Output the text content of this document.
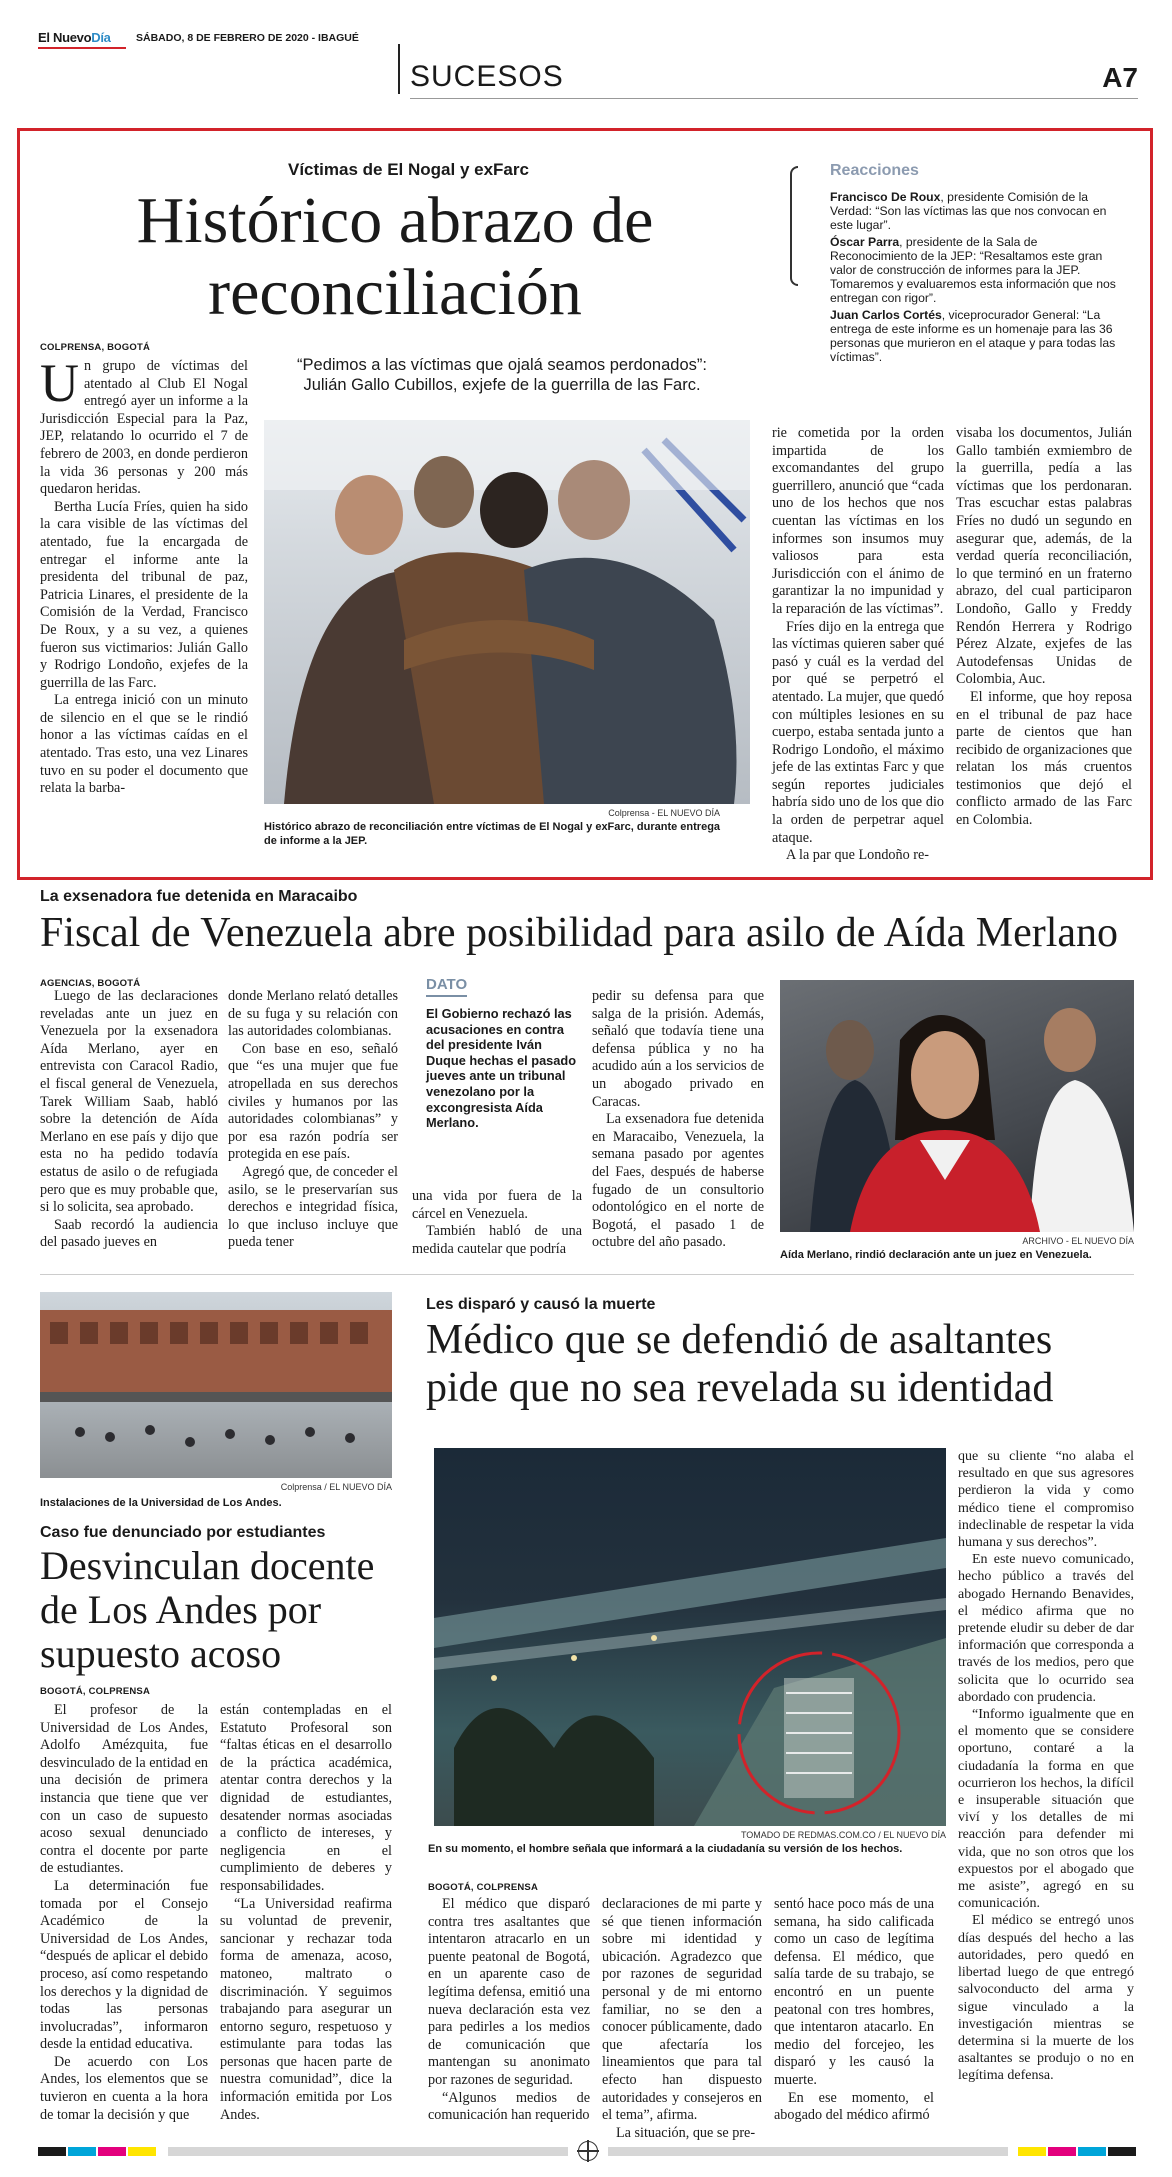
El NuevoDía SÁBADO, 8 DE FEBRERO DE 2020 - IBAGUÉ
SUCESOS	A7
Víctimas de El Nogal y exFarc
Histórico abrazo de
reconciliación
Reacciones

Francisco De Roux, presidente Comisión de la Verdad: “Son las víctimas las que nos convocan en este lugar”.

Óscar Parra, presidente de la Sala de Reconocimiento de la JEP: “Resaltamos este gran valor de construcción de informes para la JEP. Tomaremos y evaluaremos esta información que nos entregan con rigor”.

Juan Carlos Cortés, viceprocurador General: “La entrega de este informe es un homenaje para las 36 personas que murieron en el ataque y para todas las víctimas”.

COLPRENSA, BOGOTÁ

Un grupo de víctimas del atentado al Club El Nogal entregó ayer un informe a la Jurisdicción Especial para la Paz, JEP, relatando lo ocurrido el 7 de febrero de 2003, en donde perdieron la vida 36 personas y 200 más quedaron heridas.

Bertha Lucía Fríes, quien ha sido la cara visible de las víctimas del atentado, fue la encargada de entregar el informe ante la presidenta del tribunal de paz, Patricia Linares, el presidente de la Comisión de la Verdad, Francisco De Roux, y a su vez, a quienes fueron sus victimarios: Julián Gallo y Rodrigo Londoño, exjefes de la guerrilla de las Farc.

La entrega inició con un minuto de silencio en el que se le rindió honor a las víctimas caídas en el atentado. Tras esto, una vez Linares tuvo en su poder el documento que relata la barba-

“Pedimos a las víctimas que ojalá seamos perdonados”:
Julián Gallo Cubillos, exjefe de la guerrilla de las Farc.
Colprensa - EL NUEVO DÍA
Histórico abrazo de reconciliación entre víctimas de El Nogal y exFarc, durante entrega de informe a la JEP.

rie cometida por la orden impartida de los excomandantes del grupo guerrillero, anunció que “cada uno de los hechos que nos cuentan las víctimas en los informes son insumos muy valiosos para esta Jurisdicción con el ánimo de garantizar la no impunidad y la reparación de las víctimas”.

Fríes dijo en la entrega que las víctimas quieren saber qué pasó y cuál es la verdad del por qué se perpetró el atentado. La mujer, que quedó con múltiples lesiones en su cuerpo, estaba sentada junto a Rodrigo Londoño, el máximo jefe de las extintas Farc y que según reportes judiciales habría sido uno de los que dio la orden de perpetrar aquel ataque.

A la par que Londoño re-

visaba los documentos, Julián Gallo también exmiembro de la guerrilla, pedía a las víctimas que los perdonaran. Tras escuchar estas palabras Fríes no dudó un segundo en asegurar que, además, de la verdad quería reconciliación, lo que terminó en un fraterno abrazo, del cual participaron Londoño, Gallo y Freddy Rendón Herrera y Rodrigo Pérez Alzate, exjefes de las Autodefensas Unidas de Colombia, Auc.

El informe, que hoy reposa en el tribunal de paz hace parte de cientos que han recibido de organizaciones que relatan los más cruentos testimonios que dejó el conflicto armado de las Farc en Colombia.

La exsenadora fue detenida en Maracaibo
Fiscal de Venezuela abre posibilidad para asilo de Aída Merlano
AGENCIAS, BOGOTÁ

Luego de las declaraciones reveladas ante un juez en Venezuela por la exsenadora Aída Merlano, ayer en entrevista con Caracol Radio, el fiscal general de Venezuela, Tarek William Saab, habló sobre la detención de Aída Merlano en ese país y dijo que esta no ha pedido todavía estatus de asilo o de refugiada pero que es muy probable que, si lo solicita, sea aprobado.

Saab recordó la audiencia del pasado jueves en

donde Merlano relató detalles de su fuga y su relación con las autoridades colombianas.

Con base en eso, señaló que “es una mujer que fue atropellada en sus derechos civiles y humanos por las autoridades colombianas” y por esa razón podría ser protegida en ese país.

Agregó que, de conceder el asilo, se le preservarían sus derechos e integridad física, lo que incluso incluye que pueda tener

DATO
El Gobierno rechazó las acusaciones en contra del presidente Iván Duque hechas el pasado jueves ante un tribunal venezolano por la excongresista Aída Merlano.

una vida por fuera de la cárcel en Venezuela.

También habló de una medida cautelar que podría

pedir su defensa para que salga de la prisión. Además, señaló que todavía tiene una defensa pública y no ha acudido aún a los servicios de un abogado privado en Caracas.

La exsenadora fue detenida en Maracaibo, Venezuela, la semana pasado por agentes del Faes, después de haberse fugado de un consultorio odontológico en el norte de Bogotá, el pasado 1 de octubre del año pasado.	ARCHIVO - EL NUEVO DÍA
Aída Merlano, rindió declaración ante un juez en Venezuela.
Colprensa / EL NUEVO DÍA
Instalaciones de la Universidad de Los Andes.
Caso fue denunciado por estudiantes
Desvinculan docente
de Los Andes por
supuesto acoso
BOGOTÁ, COLPRENSA

El profesor de la Universidad de Los Andes, Adolfo Amézquita, fue desvinculado de la entidad en una decisión de primera instancia que tiene que ver con un caso de supuesto acoso sexual denunciado contra el docente por parte de estudiantes.

La determinación fue tomada por el Consejo Académico de la Universidad de Los Andes, “después de aplicar el debido proceso, así como respetando los derechos y la dignidad de todas las personas involucradas”, informaron desde la entidad educativa.

De acuerdo con Los Andes, los elementos que se tuvieron en cuenta a la hora de tomar la decisión y que

están contempladas en el Estatuto Profesoral son “faltas éticas en el desarrollo de la práctica académica, atentar contra derechos y la dignidad de estudiantes, desatender normas asociadas a conflicto de intereses, y negligencia en el cumplimiento de deberes y responsabilidades.

“La Universidad reafirma su voluntad de prevenir, sancionar y rechazar toda forma de amenaza, acoso, matoneo, maltrato o discriminación. Y seguimos trabajando para asegurar un entorno seguro, respetuoso y estimulante para todas las personas que hacen parte de nuestra comunidad”, dice la información emitida por Los Andes.

Les disparó y causó la muerte
Médico que se defendió de asaltantes
pide que no sea revelada su identidad
TOMADO DE REDMAS.COM.CO / EL NUEVO DÍA
En su momento, el hombre señala que informará a la ciudadanía su versión de los hechos.
BOGOTÁ, COLPRENSA

El médico que disparó contra tres asaltantes que intentaron atracarlo en un puente peatonal de Bogotá, en un aparente caso de legítima defensa, emitió una nueva declaración esta vez para pedirles a los medios de comunicación que mantengan su anonimato por razones de seguridad.

“Algunos medios de comunicación han requerido

declaraciones de mi parte y sé que tienen información sobre mi identidad y ubicación. Agradezco que por razones de seguridad personal y de mi entorno familiar, no se den a conocer públicamente, dado que afectaría los lineamientos que para tal efecto han dispuesto autoridades y consejeros en el tema”, afirma.

La situación, que se pre-

sentó hace poco más de una semana, ha sido calificada como un caso de legítima defensa. El médico, que salía tarde de su trabajo, se encontró en un puente peatonal con tres hombres, que intentaron atacarlo. En medio del forcejeo, les disparó y les causó la muerte.

En ese momento, el abogado del médico afirmó

que su cliente “no alaba el resultado en que sus agresores perdieron la vida y como médico tiene el compromiso indeclinable de respetar la vida humana y sus derechos”.

En este nuevo comunicado, hecho público a través del abogado Hernando Benavides, el médico afirma que no pretende eludir su deber de dar información que corresponda a través de los medios, pero que solicita que lo ocurrido sea abordado con prudencia.

“Informo igualmente que en el momento que se considere oportuno, contaré a la ciudadanía la forma en que ocurrieron los hechos, la difícil e insuperable situación que viví y los detalles de mi reacción para defender mi vida, que no son otros que los expuestos por el abogado que me asiste”, agregó en su comunicación.

El médico se entregó unos días después del hecho a las autoridades, pero quedó en libertad luego de que entregó salvoconducto del arma y sigue vinculado a la investigación mientras se determina si la muerte de los asaltantes se produjo o no en legítima defensa.
